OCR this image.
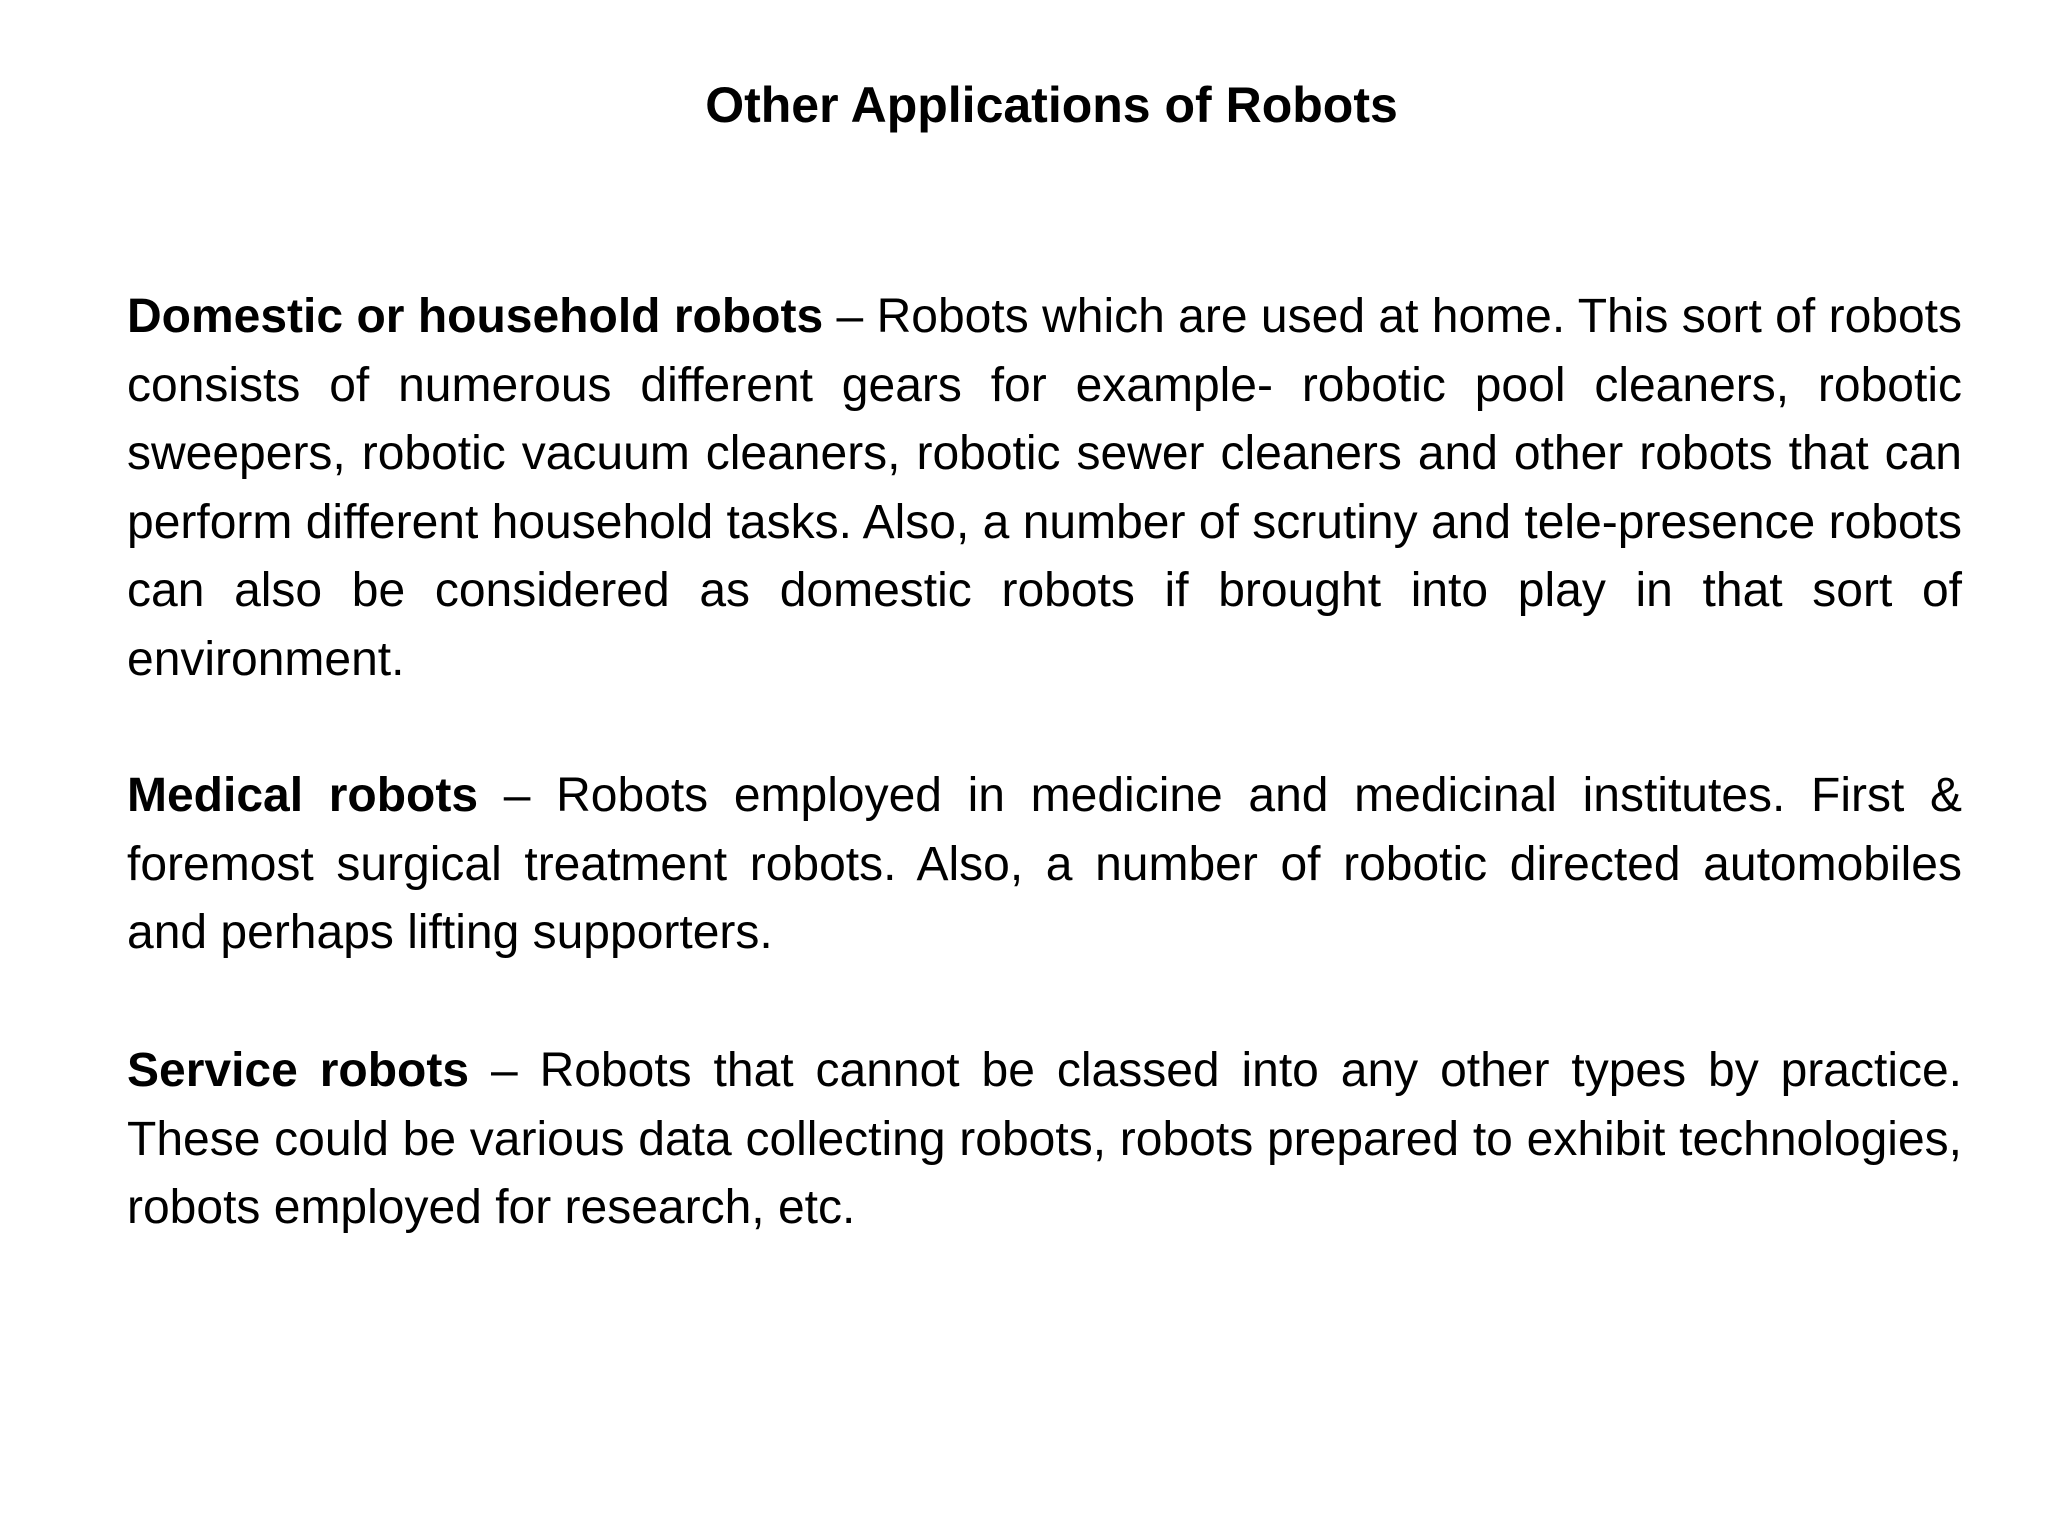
Other Applications of Robots

Domestic or household robots – Robots which are used at home. This sort of robots consists of numerous different gears for example- robotic pool cleaners, robotic sweepers, robotic vacuum cleaners, robotic sewer cleaners and other robots that can perform different household tasks. Also, a number of scrutiny and tele-presence robots can also be considered as domestic robots if brought into play in that sort of environment.

Medical robots – Robots employed in medicine and medicinal institutes. First & foremost surgical treatment robots. Also, a number of robotic directed automobiles and perhaps lifting supporters.

Service robots – Robots that cannot be classed into any other types by practice. These could be various data collecting robots, robots prepared to exhibit technologies, robots employed for research, etc.
